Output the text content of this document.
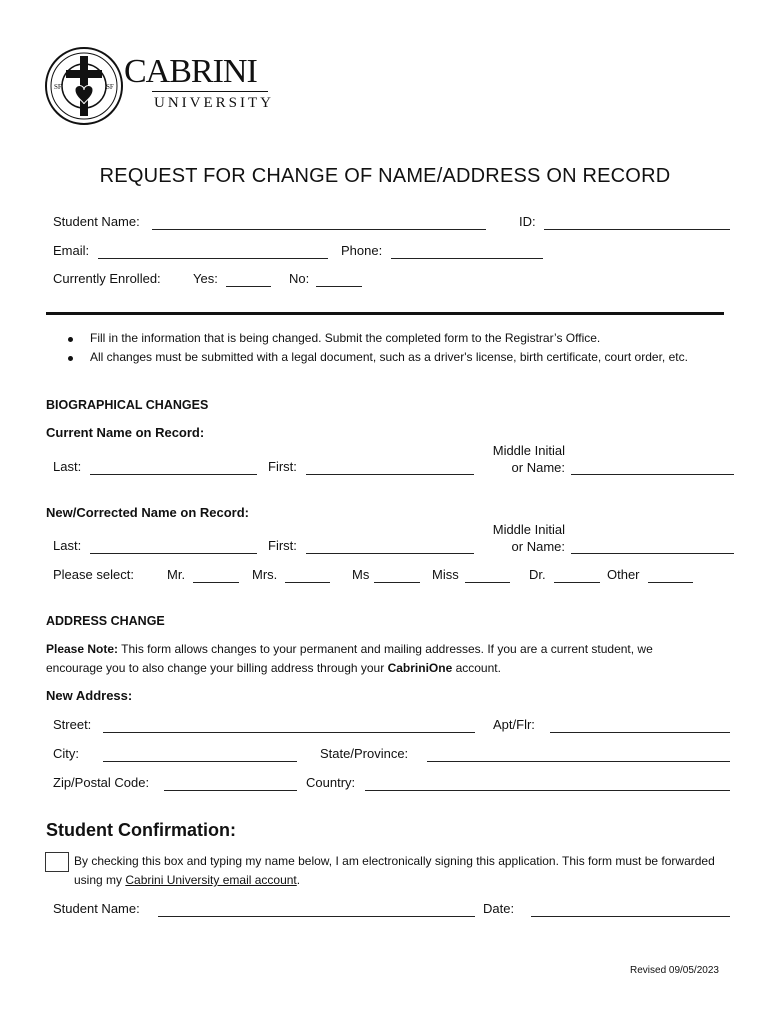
SF	SF CABRINI
UNIVERSITY
REQUEST FOR CHANGE OF NAME/ADDRESS ON RECORD
Student Name:	ID:
Email:	Phone:
Currently Enrolled: Yes:	No:
Fill in the information that is being changed. Submit the completed form to the Registrar’s Office.
All changes must be submitted with a legal document, such as a driver's license, birth certificate, court order, etc.
BIOGRAPHICAL CHANGES
Current Name on Record:
Last:	First:
Middle Initial
or Name:
New/Corrected Name on Record:
Last:	First:
Middle Initial
or Name:
Please select:	Mr.	Mrs.	Ms	Miss	Dr.	Other
ADDRESS CHANGE
Please Note: This form allows changes to your permanent and mailing addresses. If you are a current student, we encourage you to also change your billing address through your CabriniOne account.
New Address:
Street:	Apt/Flr:
City:	State/Province:
Zip/Postal Code:	Country:
Student Confirmation:
By checking this box and typing my name below, I am electronically signing this application. This form must be forwarded using my Cabrini University email account.
Student Name:	Date:
Revised 09/05/2023
